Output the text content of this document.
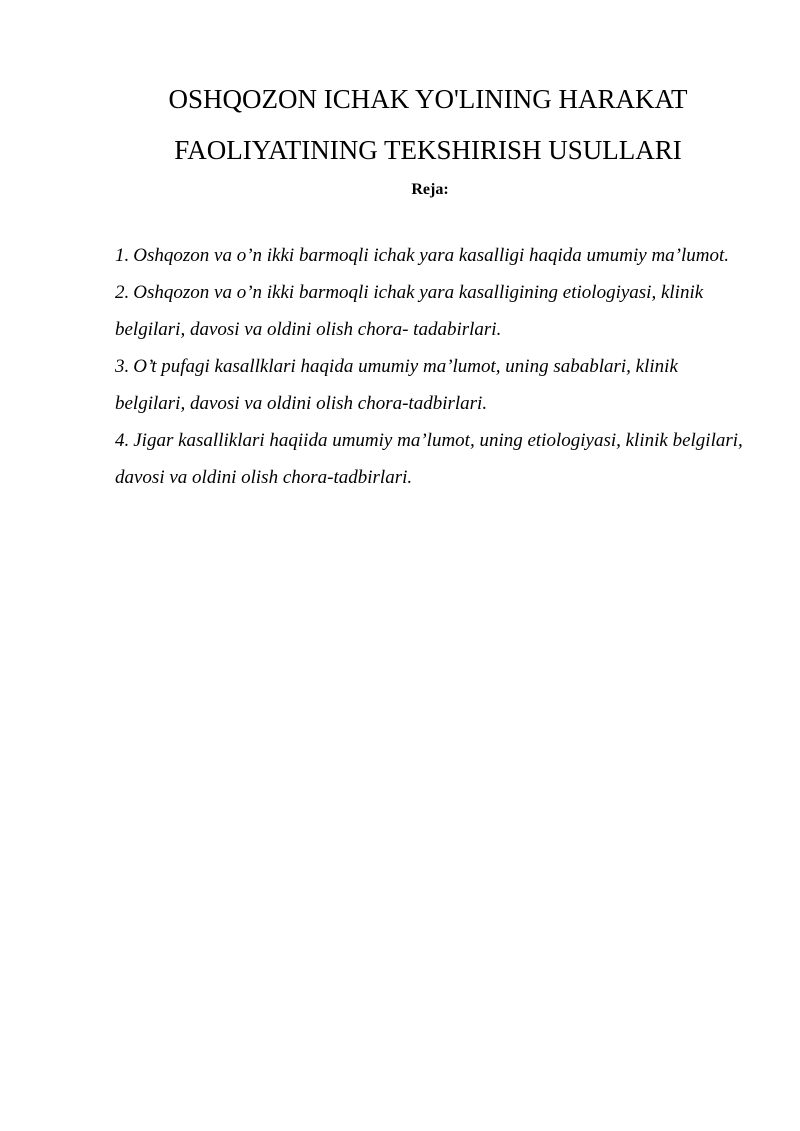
OSHQOZON ICHAK YO'LINING HARAKAT
FAOLIYATINING TEKSHIRISH USULLARI
Reja:
1. Oshqozon va o’n ikki barmoqli ichak yara kasalligi haqida umumiy ma’lumot.
2. Oshqozon va o’n ikki barmoqli ichak yara kasalligining etiologiyasi, klinik belgilari, davosi va oldini olish chora- tadabirlari.
3. O’t pufagi kasallklari haqida umumiy ma’lumot, uning sabablari, klinik belgilari, davosi va oldini olish chora-tadbirlari.
4. Jigar kasalliklari haqiida umumiy ma’lumot, uning etiologiyasi, klinik belgilari, davosi va oldini olish chora-tadbirlari.
